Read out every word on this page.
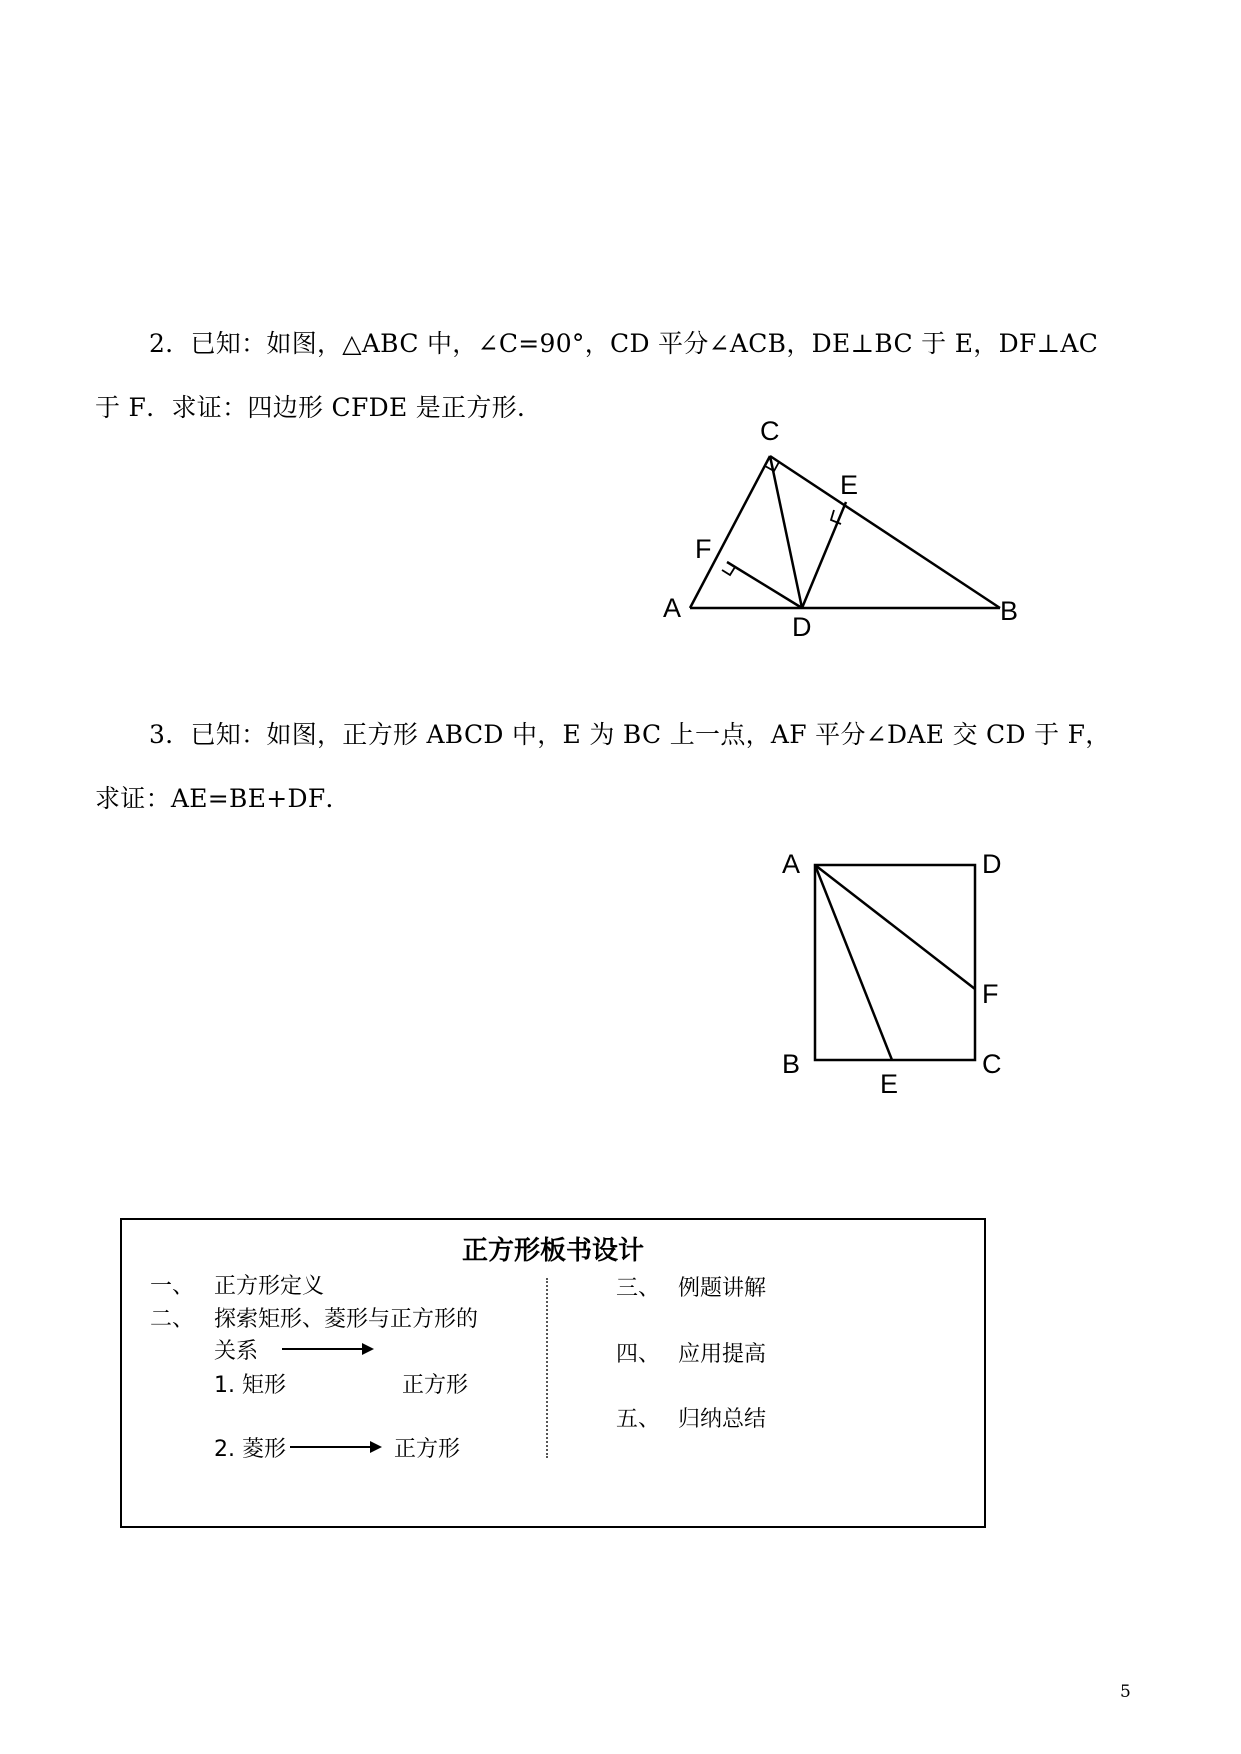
2．已知：如图，△ABC 中，∠C=90°，CD 平分∠ACB，DE⊥BC 于 E，DF⊥AC
于 F．求证：四边形 CFDE 是正方形．

C
E
F
A
D
B

3．已知：如图，正方形 ABCD 中，E 为 BC 上一点，AF 平分∠DAE 交 CD 于 F，
求证：AE=BE+DF．

A	D
F
B	C
E
正方形板书设计
一、 正方形定义
二、 探索矩形、菱形与正方形的
关系
1. 矩形	正方形
2. 菱形	正方形
三、 例题讲解
四、 应用提高
五、 归纳总结
5
